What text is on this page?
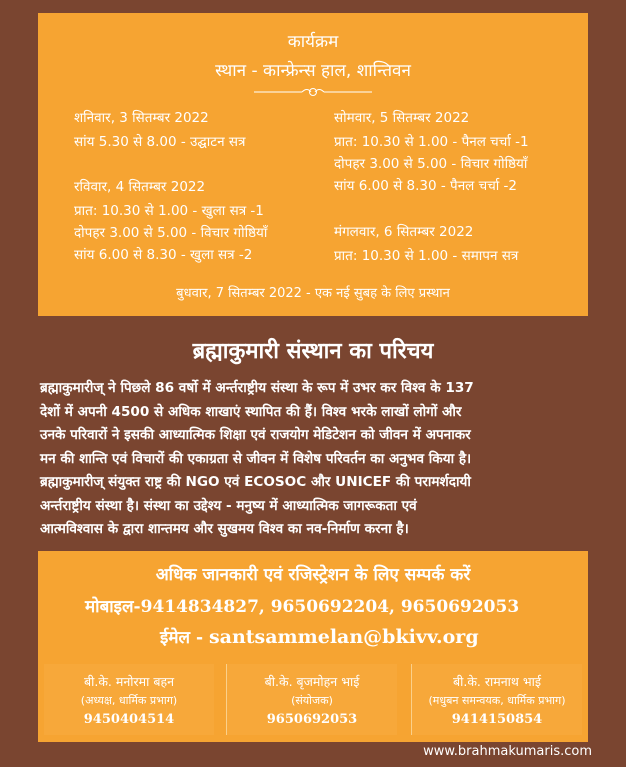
कार्यक्रम
स्थान - कान्फ्रेन्स हाल, शान्तिवन
शनिवार, 3 सितम्बर 2022
सांय 5.30 से 8.00 - उद्घाटन सत्र
रविवार, 4 सितम्बर 2022
प्रात: 10.30 से 1.00 - खुला सत्र -1
दोपहर 3.00 से 5.00 - विचार गोष्ठियाँ
सांय 6.00 से 8.30 - खुला सत्र -2
सोमवार, 5 सितम्बर 2022
प्रात: 10.30 से 1.00 - पैनल चर्चा -1
दोपहर 3.00 से 5.00 - विचार गोष्ठियाँ
सांय 6.00 से 8.30 - पैनल चर्चा -2
मंगलवार, 6 सितम्बर 2022
प्रात: 10.30 से 1.00 - समापन सत्र
बुधवार, 7 सितम्बर 2022 - एक नई सुबह के लिए प्रस्थान
ब्रह्माकुमारी संस्थान का परिचय

ब्रह्माकुमारीज् ने पिछले 86 वर्षो में अर्न्तराष्ट्रीय संस्था के रूप में उभर कर विश्व के 137

देशों में अपनी 4500 से अधिक शाखाएं स्थापित की हैं। विश्व भरके लाखों लोगों और

उनके परिवारों ने इसकी आध्यात्मिक शिक्षा एवं राजयोग मेडिटेशन को जीवन में अपनाकर

मन की शान्ति एवं विचारों की एकाग्रता से जीवन में विशेष परिवर्तन का अनुभव किया है।

ब्रह्माकुमारीज् संयुक्त राष्ट्र की NGO एवं ECOSOC और UNICEF की परामर्शदायी

अर्न्तराष्ट्रीय संस्था है। संस्था का उद्देश्य - मनुष्य में आध्यात्मिक जागरूकता एवं

आत्मविश्वास के द्वारा शान्तमय और सुखमय विश्व का नव-निर्माण करना है।

अधिक जानकारी एवं रजिस्ट्रेशन के लिए सम्पर्क करें
मोबाइल-9414834827, 9650692204, 9650692053
ईमेल - santsammelan@bkivv.org
बी.के. मनोरमा बहन
(अध्यक्ष, धार्मिक प्रभाग)
9450404514
बी.के. बृजमोहन भाई
(संयोजक)
9650692053
बी.के. रामनाथ भाई
(मधुबन समन्वयक, धार्मिक प्रभाग)
9414150854
www.brahmakumaris.com
